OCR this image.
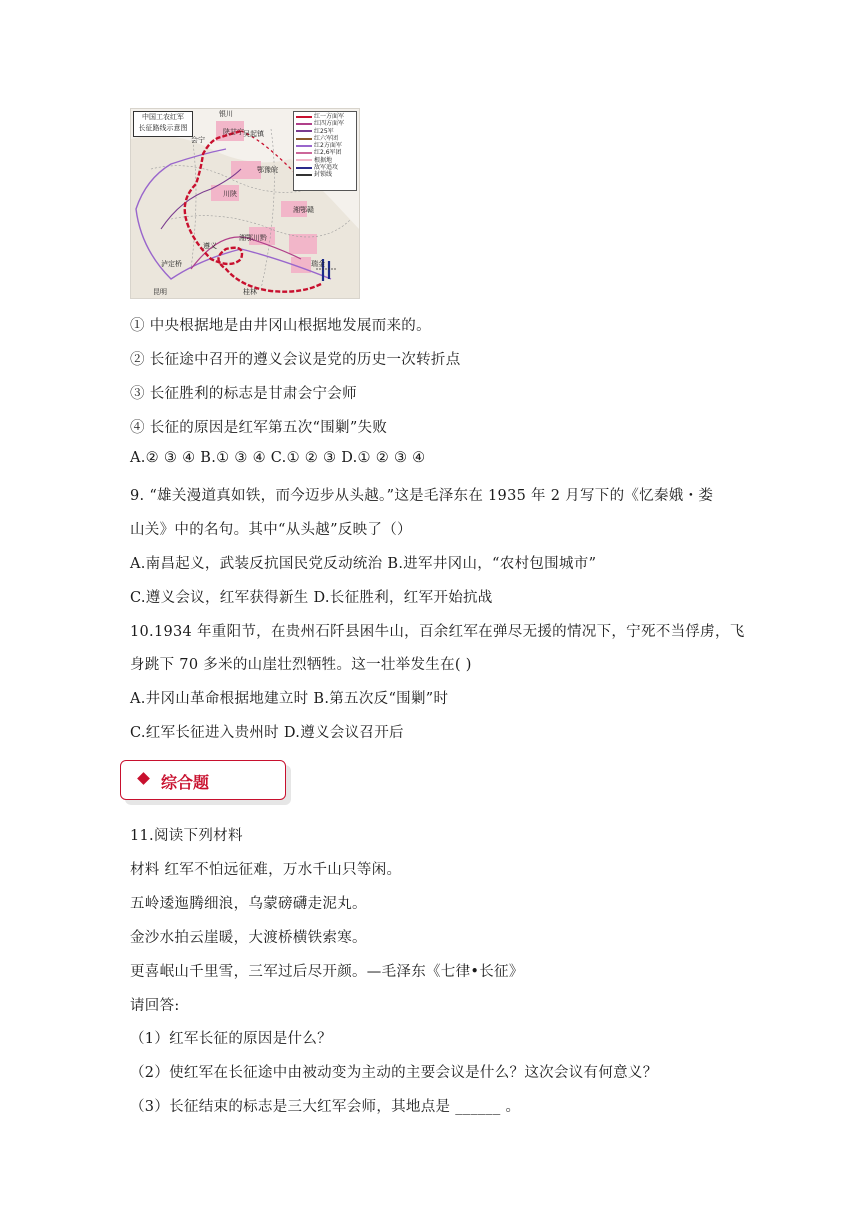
中国工农红军
长征路线示意图
红一方面军
红四方面军
红25军
红六军团
红2方面军
红2,6军团
根据地
敌军追攻
封锁线
银川
陕甘宁 吴起镇
会宁
鄂豫皖
川陕
湘鄂川黔
湘鄂赣
遵义
瑞金
泸定桥
昆明	桂林
① 中央根据地是由井冈山根据地发展而来的。
② 长征途中召开的遵义会议是党的历史一次转折点
③ 长征胜利的标志是甘肃会宁会师
④ 长征的原因是红军第五次“围剿”失败
A.② ③ ④ B.① ③ ④ C.① ② ③ D.① ② ③ ④
9. “雄关漫道真如铁，而今迈步从头越。”这是毛泽东在 1935 年 2 月写下的《忆秦娥・娄
山关》中的名句。其中“从头越”反映了（）
A.南昌起义，武装反抗国民党反动统治 B.进军井冈山，“农村包围城市”
C.遵义会议，红军获得新生 D.长征胜利，红军开始抗战
10.1934 年重阳节，在贵州石阡县困牛山，百余红军在弹尽无援的情况下，宁死不当俘虏，飞
身跳下 70 多米的山崖壮烈牺牲。这一壮举发生在( )
A.井冈山革命根据地建立时 B.第五次反“围剿”时
C.红军长征进入贵州时 D.遵义会议召开后
综合题
11.阅读下列材料
材料 红军不怕远征难，万水千山只等闲。
五岭逶迤腾细浪，乌蒙磅礴走泥丸。
金沙水拍云崖暖，大渡桥横铁索寒。
更喜岷山千里雪，三军过后尽开颜。—毛泽东《七律•长征》
请回答:
（1）红军长征的原因是什么？
（2）使红军在长征途中由被动变为主动的主要会议是什么？这次会议有何意义？
（3）长征结束的标志是三大红军会师，其地点是 ______ 。
